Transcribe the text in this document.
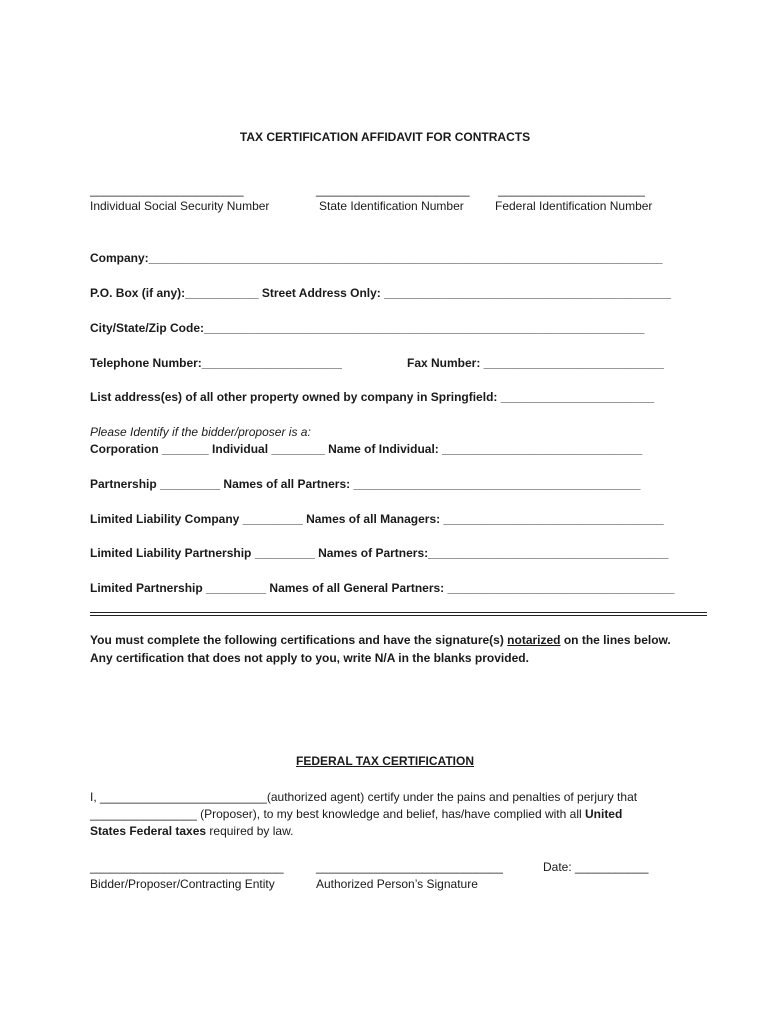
TAX CERTIFICATION AFFIDAVIT FOR CONTRACTS
_______________________	_______________________ ______________________
Individual Social Security Number	State Identification Number	Federal Identification Number
Company:_____________________________________________________________________________
P.O. Box (if any):___________ Street Address Only: ___________________________________________
City/State/Zip Code:__________________________________________________________________
Telephone Number:_____________________	Fax Number: ___________________________
List address(es) of all other property owned by company in Springfield: _______________________
Please Identify if the bidder/proposer is a:
Corporation _______ Individual ________ Name of Individual: ______________________________
Partnership _________ Names of all Partners: ___________________________________________
Limited Liability Company _________ Names of all Managers: _________________________________
Limited Liability Partnership _________ Names of Partners:____________________________________
Limited Partnership _________ Names of all General Partners: __________________________________
You must complete the following certifications and have the signature(s) notarized on the lines below.
Any certification that does not apply to you, write N/A in the blanks provided.
FEDERAL TAX CERTIFICATION
I, _________________________(authorized agent) certify under the pains and penalties of perjury that
________________ (Proposer), to my best knowledge and belief, has/have complied with all United
States Federal taxes required by law.
_____________________________	____________________________	Date: ___________
Bidder/Proposer/Contracting Entity	Authorized Person’s Signature
